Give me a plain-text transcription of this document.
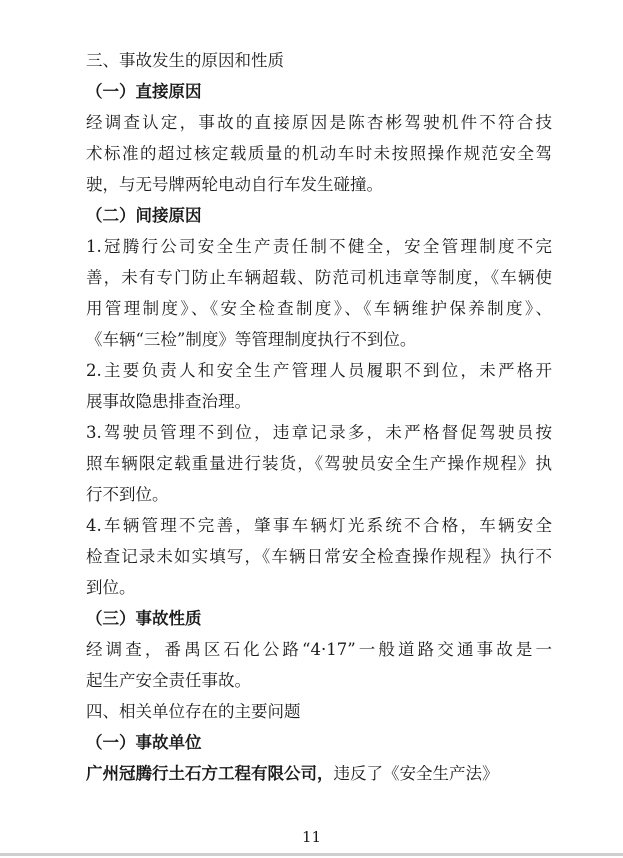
三、事故发生的原因和性质

（一）直接原因

经调查认定，事故的直接原因是陈杏彬驾驶机件不符合技

术标准的超过核定载质量的机动车时未按照操作规范安全驾

驶，与无号牌两轮电动自行车发生碰撞。

（二）间接原因

1.冠腾行公司安全生产责任制不健全，安全管理制度不完

善，未有专门防止车辆超载、防范司机违章等制度，《车辆使

用管理制度》、《安全检查制度》、《车辆维护保养制度》、

《车辆“三检”制度》等管理制度执行不到位。

2.主要负责人和安全生产管理人员履职不到位，未严格开

展事故隐患排查治理。

3.驾驶员管理不到位，违章记录多，未严格督促驾驶员按

照车辆限定载重量进行装货，《驾驶员安全生产操作规程》执

行不到位。

4.车辆管理不完善，肇事车辆灯光系统不合格，车辆安全

检查记录未如实填写，《车辆日常安全检查操作规程》执行不

到位。

（三）事故性质

经调查，番禺区石化公路“4·17”一般道路交通事故是一

起生产安全责任事故。

四、相关单位存在的主要问题

（一）事故单位

广州冠腾行土石方工程有限公司，违反了《安全生产法》

11
